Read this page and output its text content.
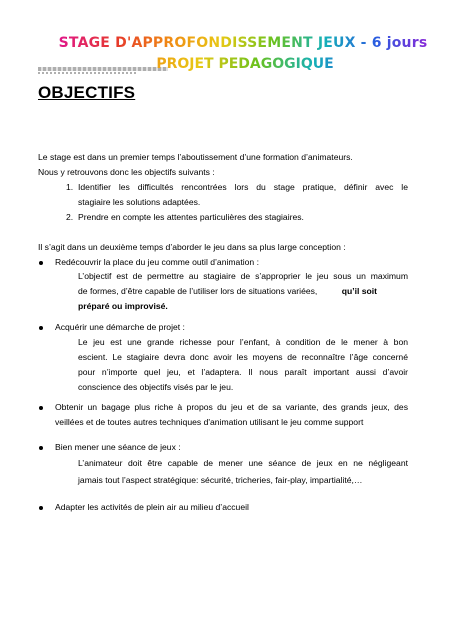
STAGE D'APPROFONDISSEMENT JEUX - 6 jours
PROJET PEDAGOGIQUE
OBJECTIFS
Le stage est dans un premier temps l’aboutissement d’une formation d’animateurs.
Nous y retrouvons donc les objectifs suivants :
1. Identifier les difficultés rencontrées lors du stage pratique, définir avec le
stagiaire les solutions adaptées.
2. Prendre en compte les attentes particulières des stagiaires.
Il s’agit dans un deuxième temps d’aborder le jeu dans sa plus large conception :
Redécouvrir la place du jeu comme outil d’animation :
L’objectif est de permettre au stagiaire de s’approprier le jeu sous un maximum
de formes, d’être capable de l’utiliser lors de situations variées,	qu’il soit
préparé ou improvisé.
Acquérir une démarche de projet :
Le jeu est une grande richesse pour l’enfant, à condition de le mener à bon
escient. Le stagiaire devra donc avoir les moyens de reconnaître l’âge concerné
pour n’importe quel jeu, et l’adaptera. Il nous paraît important aussi d’avoir
conscience des objectifs visés par le jeu.
Obtenir un bagage plus riche à propos du jeu et de sa variante, des grands jeux, des
veillées et de toutes autres techniques d'animation utilisant le jeu comme support
Bien mener une séance de jeux :
L’animateur doit être capable de mener une séance de jeux en ne négligeant
jamais tout l’aspect stratégique: sécurité, tricheries, fair-play, impartialité,…
Adapter les activités de plein air au milieu d’accueil
